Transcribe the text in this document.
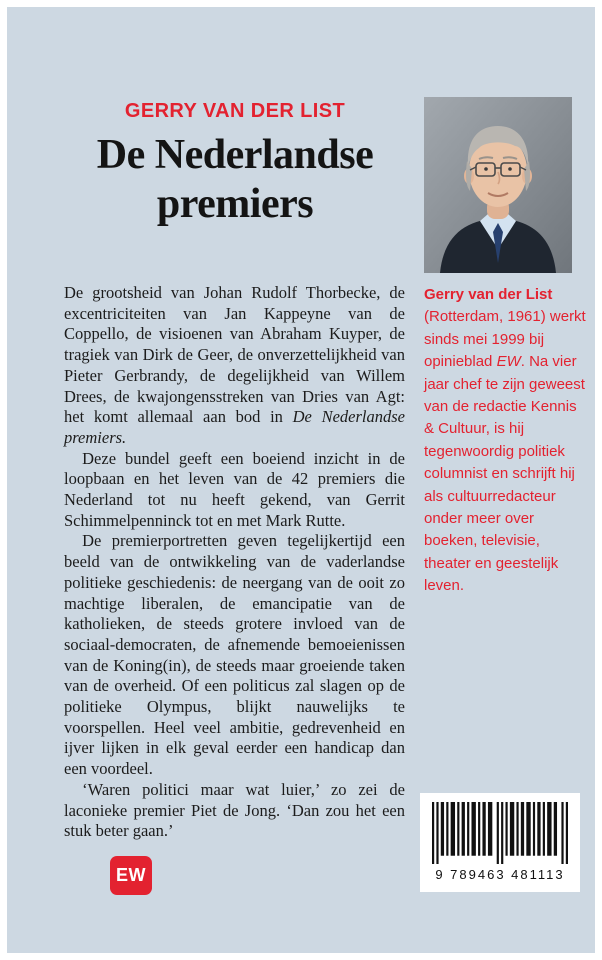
GERRY VAN DER LIST
De Nederlandse
premiers
Gerry van der List
(Rotterdam, 1961) werkt sinds mei 1999 bij opinieblad EW. Na vier jaar chef te zijn geweest van de redactie Kennis & Cultuur, is hij tegenwoordig politiek columnist en schrijft hij als cultuurredacteur onder meer over boeken, televisie, theater en geestelijk leven.

De grootsheid van Johan Rudolf Thorbecke, de excentriciteiten van Jan Kappeyne van de Coppello, de visioenen van Abraham Kuyper, de tragiek van Dirk de Geer, de onverzettelijkheid van Pieter Gerbrandy, de degelijkheid van Willem Drees, de kwajongensstreken van Dries van Agt: het komt allemaal aan bod in De Nederlandse premiers.

Deze bundel geeft een boeiend inzicht in de loopbaan en het leven van de 42 premiers die Nederland tot nu heeft gekend, van Gerrit Schimmelpenninck tot en met Mark Rutte.

De premierportretten geven tegelijkertijd een beeld van de ontwikkeling van de vaderlandse politieke geschiedenis: de neergang van de ooit zo machtige liberalen, de emancipatie van de katholieken, de steeds grotere invloed van de sociaal-democraten, de afnemende bemoeienissen van de Koning(in), de steeds maar groeiende taken van de overheid. Of een politicus zal slagen op de politieke Olympus, blijkt nauwelijks te voorspellen. Heel veel ambitie, gedrevenheid en ijver lijken in elk geval eerder een handicap dan een voordeel.

‘Waren politici maar wat luier,’ zo zei de laconieke premier Piet de Jong. ‘Dan zou het een stuk beter gaan.’

EW	9 789463 481113
